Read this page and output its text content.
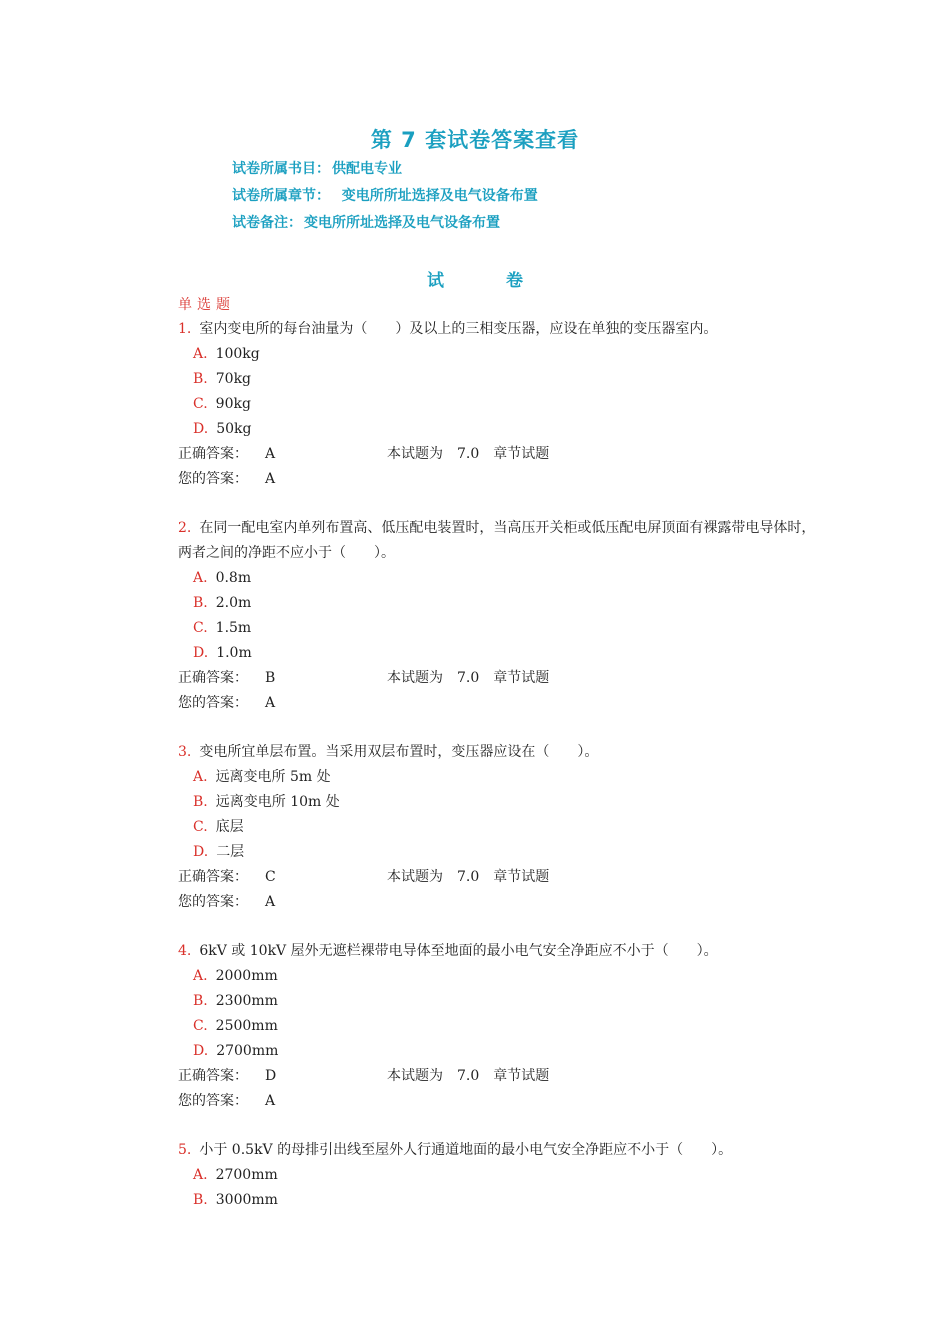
第 7 套试卷答案查看
试卷所属书目： 供配电专业
试卷所属章节： 变电所所址选择及电气设备布置
试卷备注： 变电所所址选择及电气设备布置
试	卷
单选题

1. 室内变电所的每台油量为（　　）及以上的三相变压器，应设在单独的变压器室内。

A. 100kg
B. 70kg
C. 90kg
D. 50kg
正确答案： A	本试题为 7.0 章节试题
您的答案： A

2. 在同一配电室内单列布置高、低压配电装置时，当高压开关柜或低压配电屏顶面有裸露带电导体时，两者之间的净距不应小于（　　）。

A. 0.8m
B. 2.0m
C. 1.5m
D. 1.0m
正确答案： B	本试题为 7.0 章节试题
您的答案： A

3. 变电所宜单层布置。当采用双层布置时，变压器应设在（　　）。

A. 远离变电所 5m 处
B. 远离变电所 10m 处
C. 底层
D. 二层
正确答案： C	本试题为 7.0 章节试题
您的答案： A

4. 6kV 或 10kV 屋外无遮栏裸带电导体至地面的最小电气安全净距应不小于（　　）。

A. 2000mm
B. 2300mm
C. 2500mm
D. 2700mm
正确答案： D	本试题为 7.0 章节试题
您的答案： A

5. 小于 0.5kV 的母排引出线至屋外人行通道地面的最小电气安全净距应不小于（　　）。

A. 2700mm
B. 3000mm
